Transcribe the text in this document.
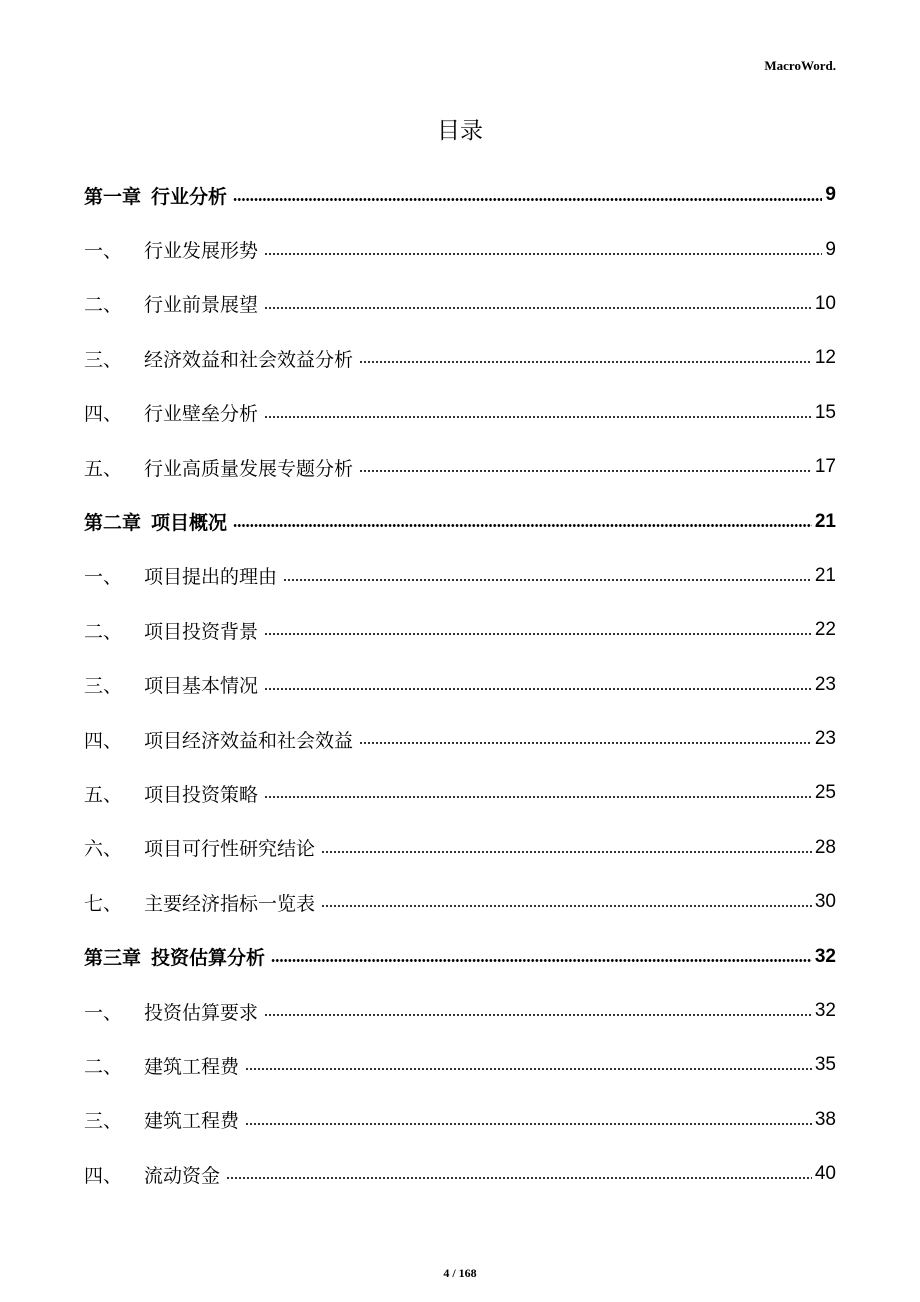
MacroWord.
目录
第一章 行业分析	9
一、	行业发展形势	9
二、	行业前景展望	10
三、	经济效益和社会效益分析	12
四、	行业壁垒分析	15
五、	行业高质量发展专题分析	17
第二章 项目概况	21
一、	项目提出的理由	21
二、	项目投资背景	22
三、	项目基本情况	23
四、	项目经济效益和社会效益	23
五、	项目投资策略	25
六、	项目可行性研究结论	28
七、	主要经济指标一览表	30
第三章 投资估算分析	32
一、	投资估算要求	32
二、	建筑工程费	35
三、	建筑工程费	38
四、	流动资金	40
4 / 168
